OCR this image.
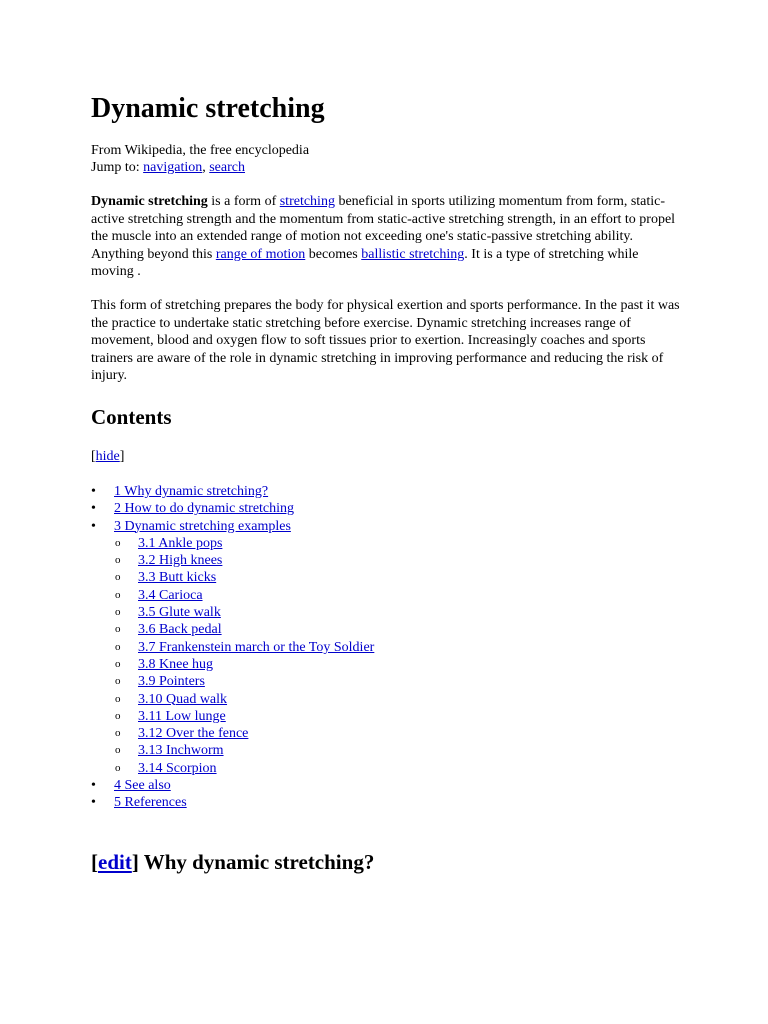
Dynamic stretching
From Wikipedia, the free encyclopedia
Jump to: navigation, search

Dynamic stretching is a form of stretching beneficial in sports utilizing momentum from form, static-active stretching strength and the momentum from static-active stretching strength, in an effort to propel the muscle into an extended range of motion not exceeding one's static-passive stretching ability. Anything beyond this range of motion becomes ballistic stretching. It is a type of stretching while moving .

This form of stretching prepares the body for physical exertion and sports performance. In the past it was the practice to undertake static stretching before exercise. Dynamic stretching increases range of movement, blood and oxygen flow to soft tissues prior to exertion. Increasingly coaches and sports trainers are aware of the role in dynamic stretching in improving performance and reducing the risk of injury.

Contents
[hide]
•	1 Why dynamic stretching?
•	2 How to do dynamic stretching
•	3 Dynamic stretching examples
o 3.1 Ankle pops
o 3.2 High knees
o 3.3 Butt kicks
o 3.4 Carioca
o 3.5 Glute walk
o 3.6 Back pedal
o 3.7 Frankenstein march or the Toy Soldier
o 3.8 Knee hug
o 3.9 Pointers
o 3.10 Quad walk
o 3.11 Low lunge
o 3.12 Over the fence
o 3.13 Inchworm
o 3.14 Scorpion
•	4 See also
•	5 References
[edit] Why dynamic stretching?
